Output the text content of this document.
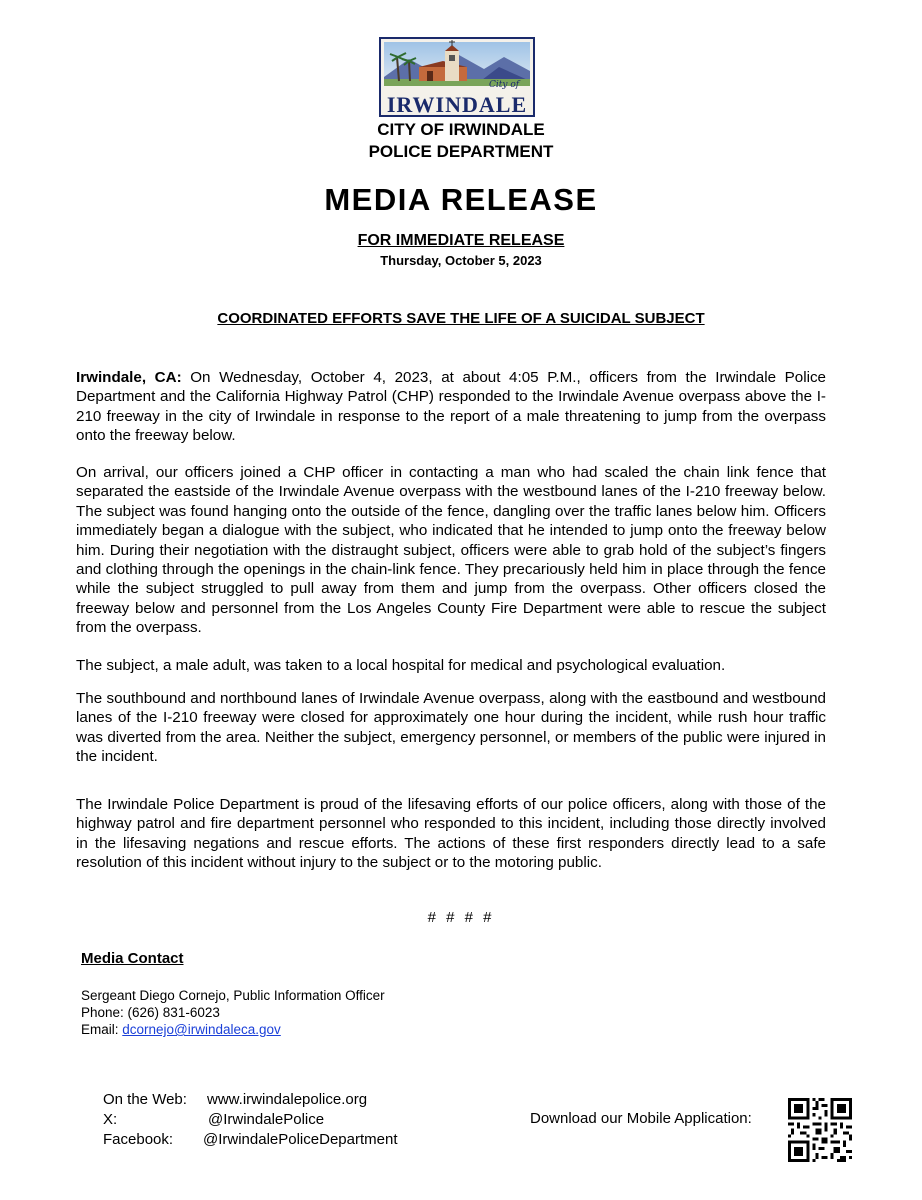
City of
IRWINDALE
CITY OF IRWINDALE
POLICE DEPARTMENT
MEDIA RELEASE
FOR IMMEDIATE RELEASE
Thursday, October 5, 2023
COORDINATED EFFORTS SAVE THE LIFE OF A SUICIDAL SUBJECT
Irwindale, CA: On Wednesday, October 4, 2023, at about 4:05 P.M., officers from the Irwindale Police Department and the California Highway Patrol (CHP) responded to the Irwindale Avenue overpass above the I-210 freeway in the city of Irwindale in response to the report of a male threatening to jump from the overpass onto the freeway below.
On arrival, our officers joined a CHP officer in contacting a man who had scaled the chain link fence that separated the eastside of the Irwindale Avenue overpass with the westbound lanes of the I-210 freeway below. The subject was found hanging onto the outside of the fence, dangling over the traffic lanes below him. Officers immediately began a dialogue with the subject, who indicated that he intended to jump onto the freeway below him. During their negotiation with the distraught subject, officers were able to grab hold of the subject’s fingers and clothing through the openings in the chain-link fence. They precariously held him in place through the fence while the subject struggled to pull away from them and jump from the overpass. Other officers closed the freeway below and personnel from the Los Angeles County Fire Department were able to rescue the subject from the overpass.
The subject, a male adult, was taken to a local hospital for medical and psychological evaluation.
The southbound and northbound lanes of Irwindale Avenue overpass, along with the eastbound and westbound lanes of the I-210 freeway were closed for approximately one hour during the incident, while rush hour traffic was diverted from the area. Neither the subject, emergency personnel, or members of the public were injured in the incident.
The Irwindale Police Department is proud of the lifesaving efforts of our police officers, along with those of the highway patrol and fire department personnel who responded to this incident, including those directly involved in the lifesaving negations and rescue efforts. The actions of these first responders directly lead to a safe resolution of this incident without injury to the subject or to the motoring public.
# # # #
Media Contact
Sergeant Diego Cornejo, Public Information Officer
Phone: (626) 831-6023
Email: dcornejo@irwindaleca.gov
On the Web: www.irwindalepolice.org
X:	@IrwindalePolice
Facebook: @IrwindalePoliceDepartment
Download our Mobile Application:
